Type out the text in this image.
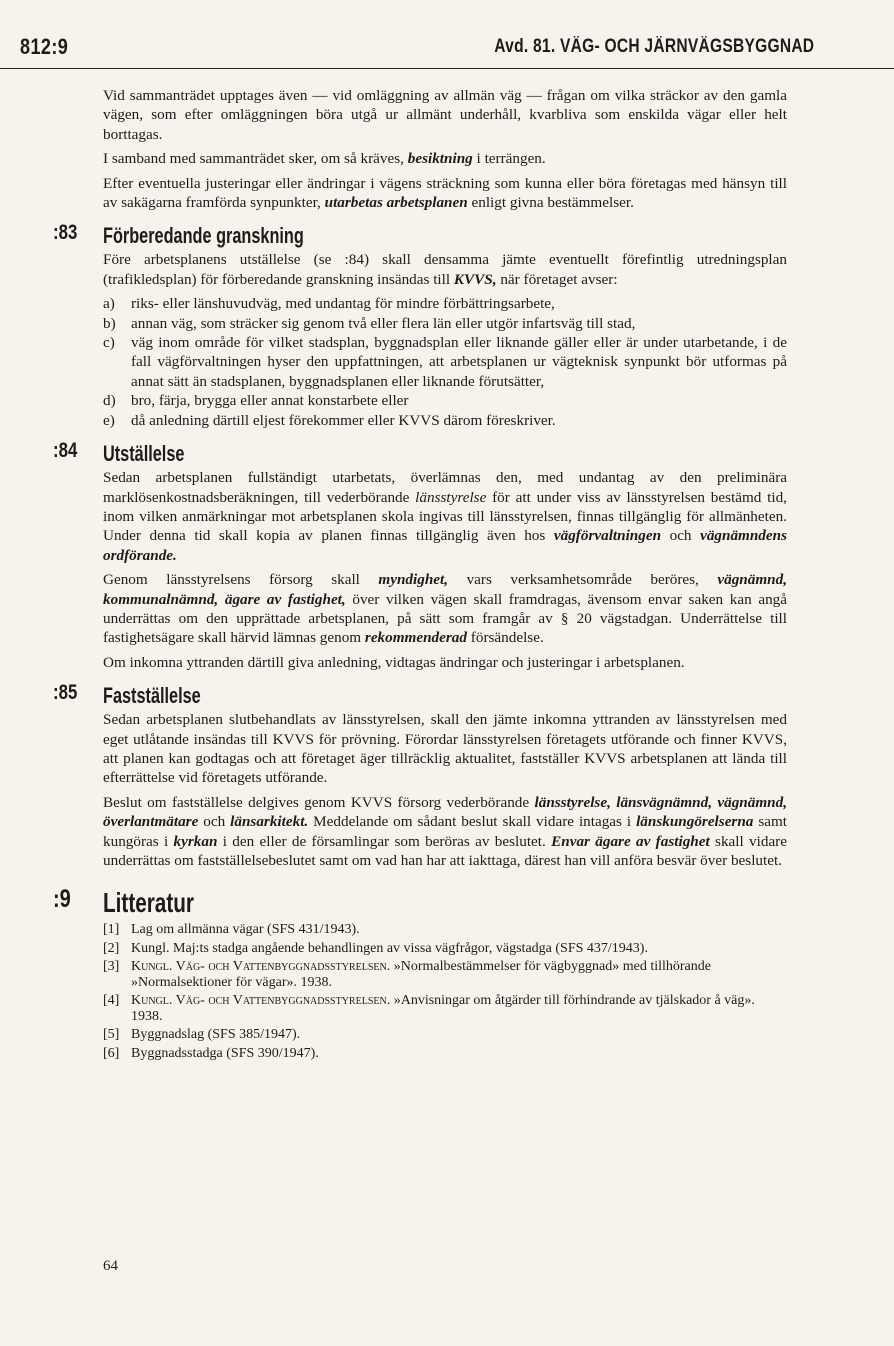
812:9	Avd. 81. VÄG- OCH JÄRNVÄGSBYGGNAD

Vid sammanträdet upptages även — vid omläggning av allmän väg — frågan om vilka sträckor av den gamla vägen, som efter omläggningen böra utgå ur allmänt underhåll, kvarbliva som enskilda vägar eller helt borttagas.

I samband med sammanträdet sker, om så kräves, besiktning i terrängen.

Efter eventuella justeringar eller ändringar i vägens sträckning som kunna eller böra företagas med hänsyn till av sakägarna framförda synpunkter, utarbetas arbetsplanen enligt givna bestämmelser.

:83 Förberedande granskning

Före arbetsplanens utställelse (se :84) skall densamma jämte eventuellt förefintlig utredningsplan (trafikledsplan) för förberedande granskning insändas till KVVS, när företaget avser:

a) riks- eller länshuvudväg, med undantag för mindre förbättringsarbete,
b) annan väg, som sträcker sig genom två eller flera län eller utgör infartsväg till stad,
c) väg inom område för vilket stadsplan, byggnadsplan eller liknande gäller eller är under utarbetande, i de fall vägförvaltningen hyser den uppfattningen, att arbetsplanen ur vägteknisk synpunkt bör utformas på annat sätt än stadsplanen, byggnadsplanen eller liknande förutsätter,
d) bro, färja, brygga eller annat konstarbete eller
e) då anledning därtill eljest förekommer eller KVVS därom föreskriver.
:84 Utställelse

Sedan arbetsplanen fullständigt utarbetats, överlämnas den, med undantag av den preliminära marklösenkostnadsberäkningen, till vederbörande länsstyrelse för att under viss av länsstyrelsen bestämd tid, inom vilken anmärkningar mot arbetsplanen skola ingivas till länsstyrelsen, finnas tillgänglig för allmänheten. Under denna tid skall kopia av planen finnas tillgänglig även hos vägförvaltningen och vägnämndens ordförande.

Genom länsstyrelsens försorg skall myndighet, vars verksamhetsområde beröres, vägnämnd, kommunalnämnd, ägare av fastighet, över vilken vägen skall framdragas, ävensom envar saken kan angå underrättas om den upprättade arbetsplanen, på sätt som framgår av § 20 vägstadgan. Underrättelse till fastighetsägare skall härvid lämnas genom rekommenderad försändelse.

Om inkomna yttranden därtill giva anledning, vidtagas ändringar och justeringar i arbetsplanen.

:85 Fastställelse

Sedan arbetsplanen slutbehandlats av länsstyrelsen, skall den jämte inkomna yttranden av länsstyrelsen med eget utlåtande insändas till KVVS för prövning. Förordar länsstyrelsen företagets utförande och finner KVVS, att planen kan godtagas och att företaget äger tillräcklig aktualitet, fastställer KVVS arbetsplanen att lända till efterrättelse vid företagets utförande.

Beslut om fastställelse delgives genom KVVS försorg vederbörande länsstyrelse, länsvägnämnd, vägnämnd, överlantmätare och länsarkitekt. Meddelande om sådant beslut skall vidare intagas i länskungörelserna samt kungöras i kyrkan i den eller de församlingar som beröras av beslutet. Envar ägare av fastighet skall vidare underrättas om fastställelsebeslutet samt om vad han har att iakttaga, därest han vill anföra besvär över beslutet.

:9 Litteratur
[1] Lag om allmänna vägar (SFS 431/1943).
[2] Kungl. Maj:ts stadga angående behandlingen av vissa vägfrågor, vägstadga (SFS 437/1943).
[3] Kungl. Väg- och Vattenbyggnadsstyrelsen. »Normalbestämmelser för vägbyggnad» med tillhörande »Normalsektioner för vägar». 1938.
[4] Kungl. Väg- och Vattenbyggnadsstyrelsen. »Anvisningar om åtgärder till förhindrande av tjälskador å väg». 1938.
[5] Byggnadslag (SFS 385/1947).
[6] Byggnadsstadga (SFS 390/1947).
64
